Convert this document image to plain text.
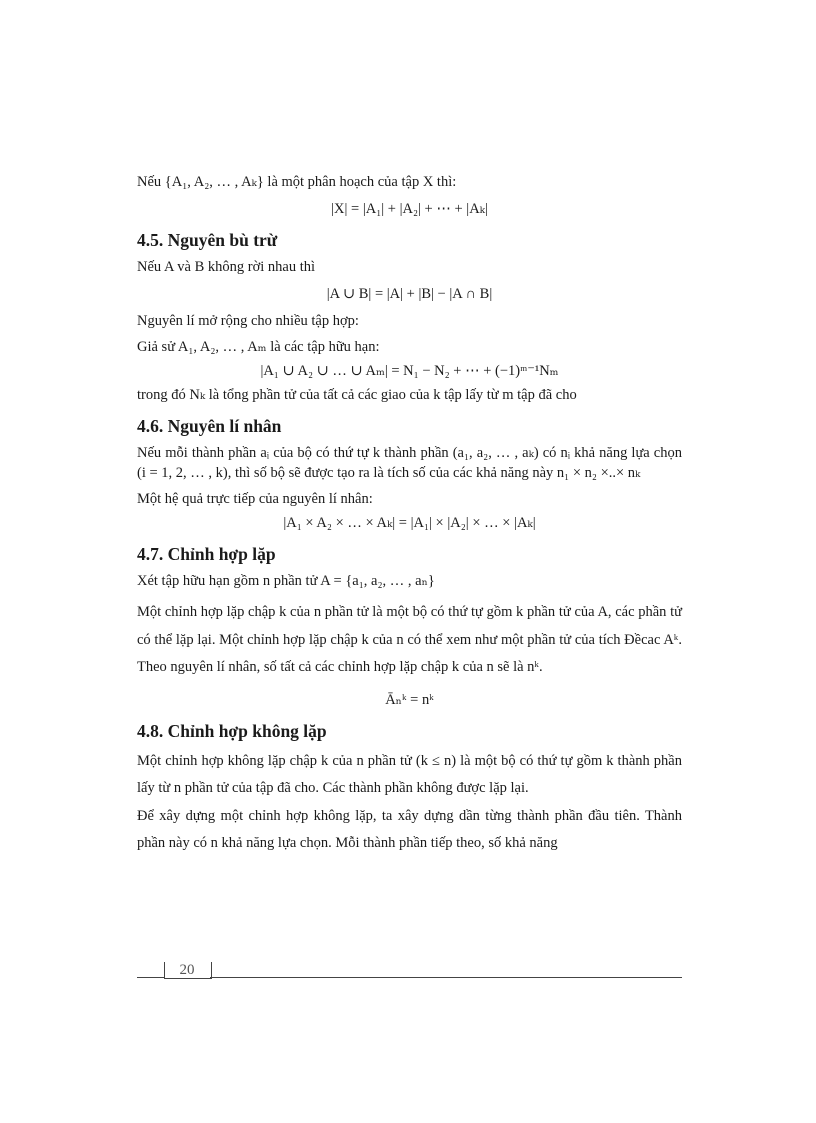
Nếu {A₁, A₂, … , Aₖ} là một phân hoạch của tập X thì:

|X| = |A₁| + |A₂| + ⋯ + |Aₖ|
4.5. Nguyên bù trừ

Nếu A và B không rời nhau thì

|A ∪ B| = |A| + |B| − |A ∩ B|

Nguyên lí mở rộng cho nhiều tập hợp:

Giả sử A₁, A₂, … , Aₘ là các tập hữu hạn:

|A₁ ∪ A₂ ∪ … ∪ Aₘ| = N₁ − N₂ + ⋯ + (−1)ᵐ⁻¹Nₘ

trong đó Nₖ là tổng phần tử của tất cả các giao của k tập lấy từ m tập đã cho

4.6. Nguyên lí nhân

Nếu mỗi thành phần aᵢ của bộ có thứ tự k thành phần (a₁, a₂, … , aₖ) có nᵢ khả năng lựa chọn (i = 1, 2, … , k), thì số bộ sẽ được tạo ra là tích số của các khả năng này n₁ × n₂ ×..× nₖ

Một hệ quả trực tiếp của nguyên lí nhân:

|A₁ × A₂ × … × Aₖ| = |A₁| × |A₂| × … × |Aₖ|
4.7. Chỉnh hợp lặp

Xét tập hữu hạn gồm n phần tử A = {a₁, a₂, … , aₙ}

Một chỉnh hợp lặp chập k của n phần tử là một bộ có thứ tự gồm k phần tử của A, các phần tử có thể lặp lại. Một chỉnh hợp lặp chập k của n có thể xem như một phần tử của tích Đềcac Aᵏ. Theo nguyên lí nhân, số tất cả các chỉnh hợp lặp chập k của n sẽ là nᵏ.

Āₙᵏ = nᵏ
4.8. Chỉnh hợp không lặp

Một chỉnh hợp không lặp chập k của n phần tử (k ≤ n) là một bộ có thứ tự gồm k thành phần lấy từ n phần tử của tập đã cho. Các thành phần không được lặp lại.

Để xây dựng một chỉnh hợp không lặp, ta xây dựng dần từng thành phần đầu tiên. Thành phần này có n khả năng lựa chọn. Mỗi thành phần tiếp theo, số khả năng

20
